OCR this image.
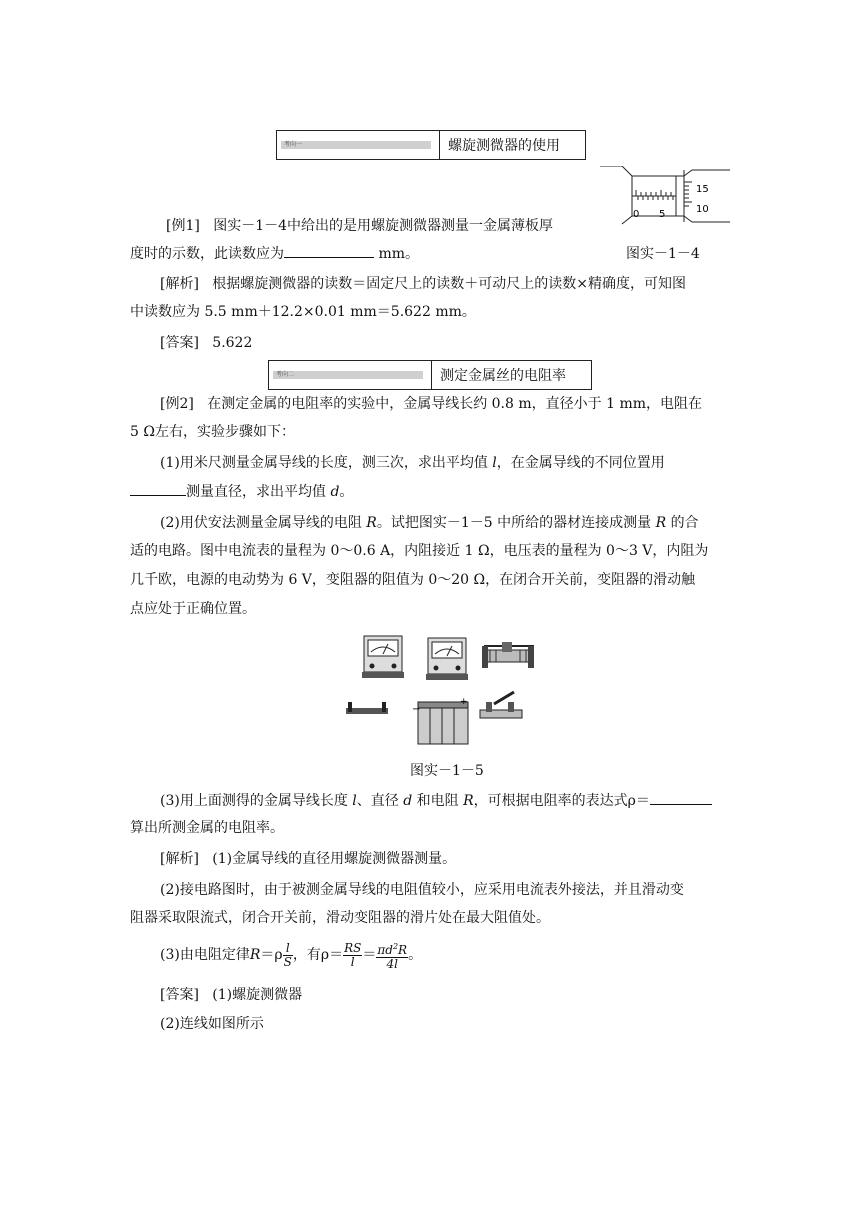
考向一	螺旋测微器的使用
15
10
0 5
[例1] 图实－1－4中给出的是用螺旋测微器测量一金属薄板厚
度时的示数，此读数应为	mm。	图实－1－4
[解析] 根据螺旋测微器的读数＝固定尺上的读数＋可动尺上的读数×精确度，可知图
中读数应为 5.5 mm＋12.2×0.01 mm＝5.622 mm。
[答案] 5.622
考向二	测定金属丝的电阻率
[例2] 在测定金属的电阻率的实验中，金属导线长约 0.8 m，直径小于 1 mm，电阻在
5 Ω左右，实验步骤如下：
(1)用米尺测量金属导线的长度，测三次，求出平均值 l，在金属导线的不同位置用
测量直径，求出平均值 d。
(2)用伏安法测量金属导线的电阻 R。试把图实－1－5 中所给的器材连接成测量 R 的合
适的电路。图中电流表的量程为 0～0.6 A，内阻接近 1 Ω，电压表的量程为 0～3 V，内阻为
几千欧，电源的电动势为 6 V，变阻器的阻值为 0～20 Ω，在闭合开关前，变阻器的滑动触
点应处于正确位置。
−
+
图实－1－5
(3)用上面测得的金属导线长度 l、直径 d 和电阻 R，可根据电阻率的表达式ρ＝
算出所测金属的电阻率。
[解析] (1)金属导线的直径用螺旋测微器测量。
(2)接电路图时，由于被测金属导线的电阻值较小，应采用电流表外接法，并且滑动变
阻器采取限流式，闭合开关前，滑动变阻器的滑片处在最大阻值处。
(3)由电阻定律$R=\rho \frac{l}{S}$ ，有$\rho= \frac{RS}{l} = \frac{\pi d^2R}{4l}$ 。
[答案] (1)螺旋测微器
(2)连线如图所示
